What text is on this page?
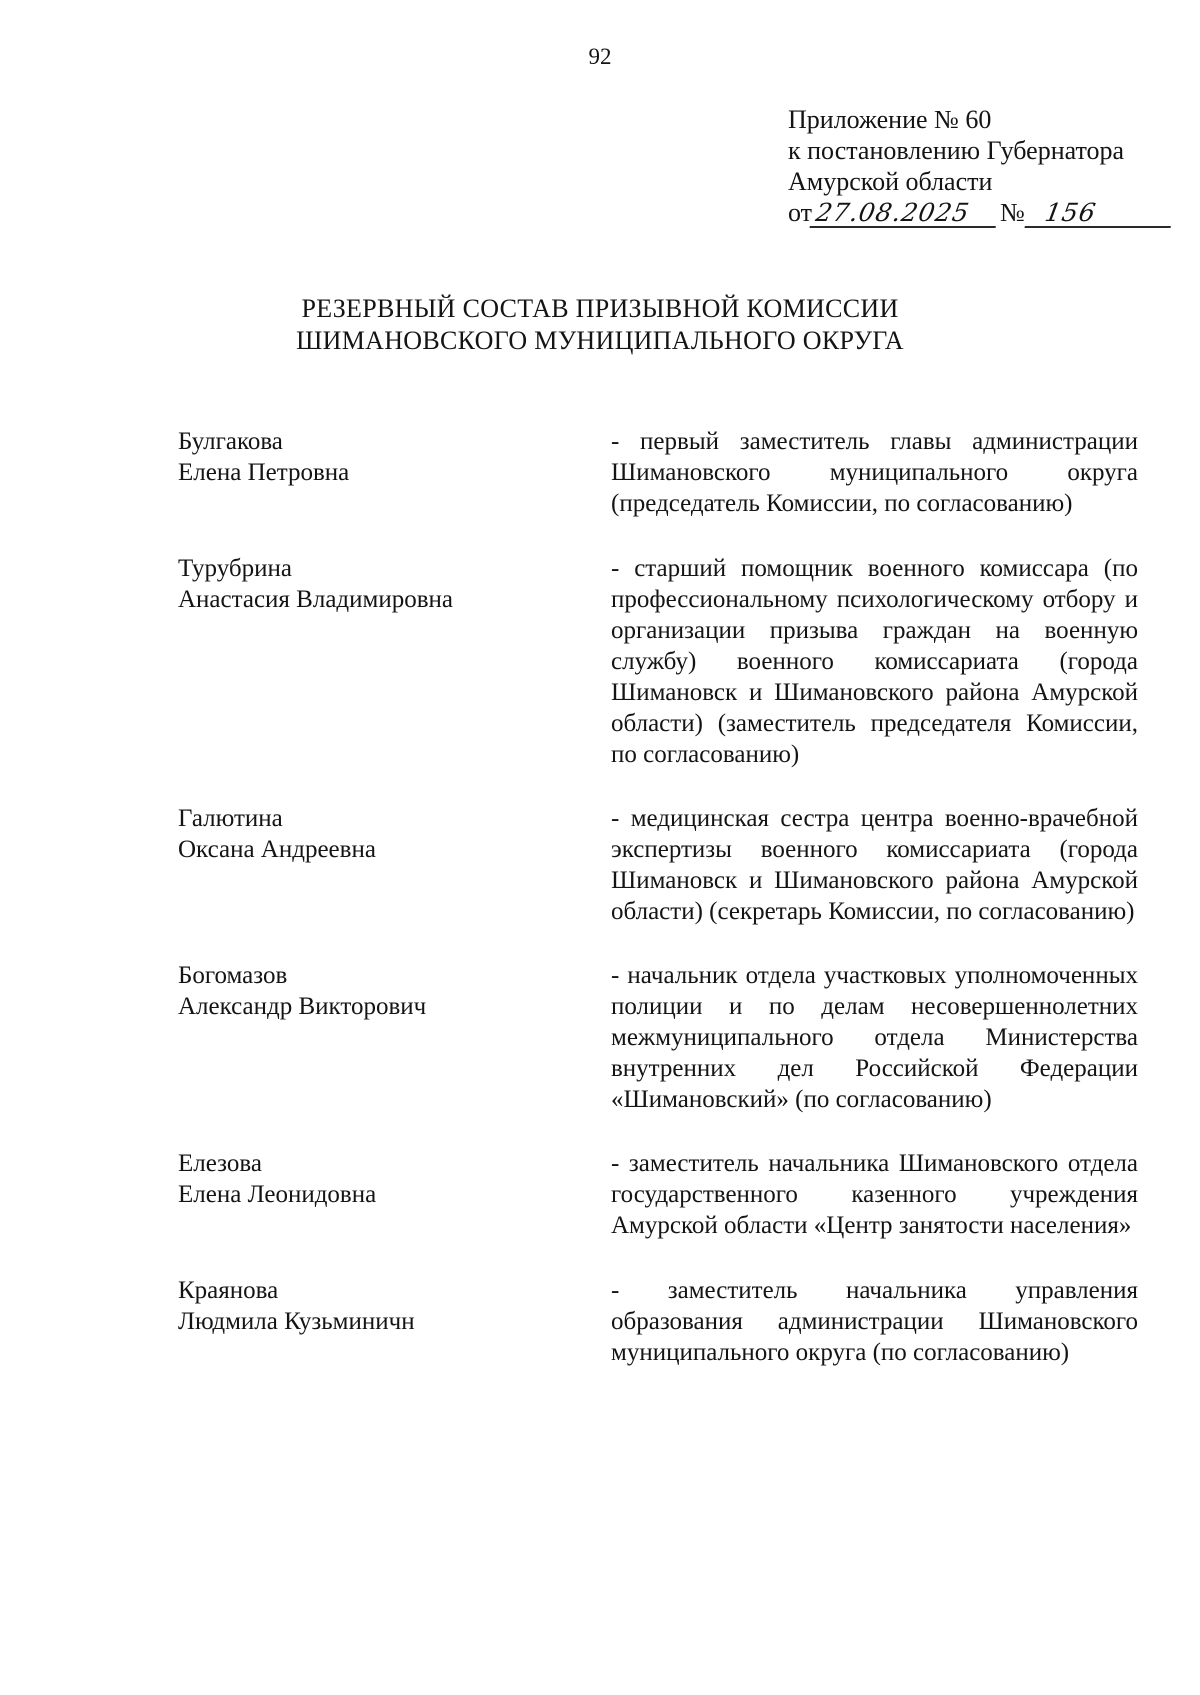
92
Приложение № 60
к постановлению Губернатора
Амурской области
от 27.08.2025	№ 156
РЕЗЕРВНЫЙ СОСТАВ ПРИЗЫВНОЙ КОМИССИИ
ШИМАНОВСКОГО МУНИЦИПАЛЬНОГО ОКРУГА
Булгакова
Елена Петровна
- первый заместитель главы администрации Шимановского муниципального округа (председатель Комиссии, по согласованию)
Турубрина
Анастасия Владимировна
- старший помощник военного комиссара (по профессиональному психологическому отбору и организации призыва граждан на военную службу) военного комиссариата (города Шимановск и Шимановского района Амурской области) (заместитель председателя Комиссии, по согласованию)
Галютина
Оксана Андреевна
- медицинская сестра центра военно-врачебной экспертизы военного комиссариата (города Шимановск и Шимановского района Амурской области) (секретарь Комиссии, по согласованию)
Богомазов
Александр Викторович
- начальник отдела участковых уполномоченных полиции и по делам несовершеннолетних межмуниципального отдела Министерства внутренних дел Российской Федерации «Шимановский» (по согласованию)
Елезова
Елена Леонидовна
- заместитель начальника Шимановского отдела государственного казенного учреждения Амурской области «Центр занятости населения»
Краянова
Людмила Кузьминичн
- заместитель начальника управления образования администрации Шимановского муниципального округа (по согласованию)
